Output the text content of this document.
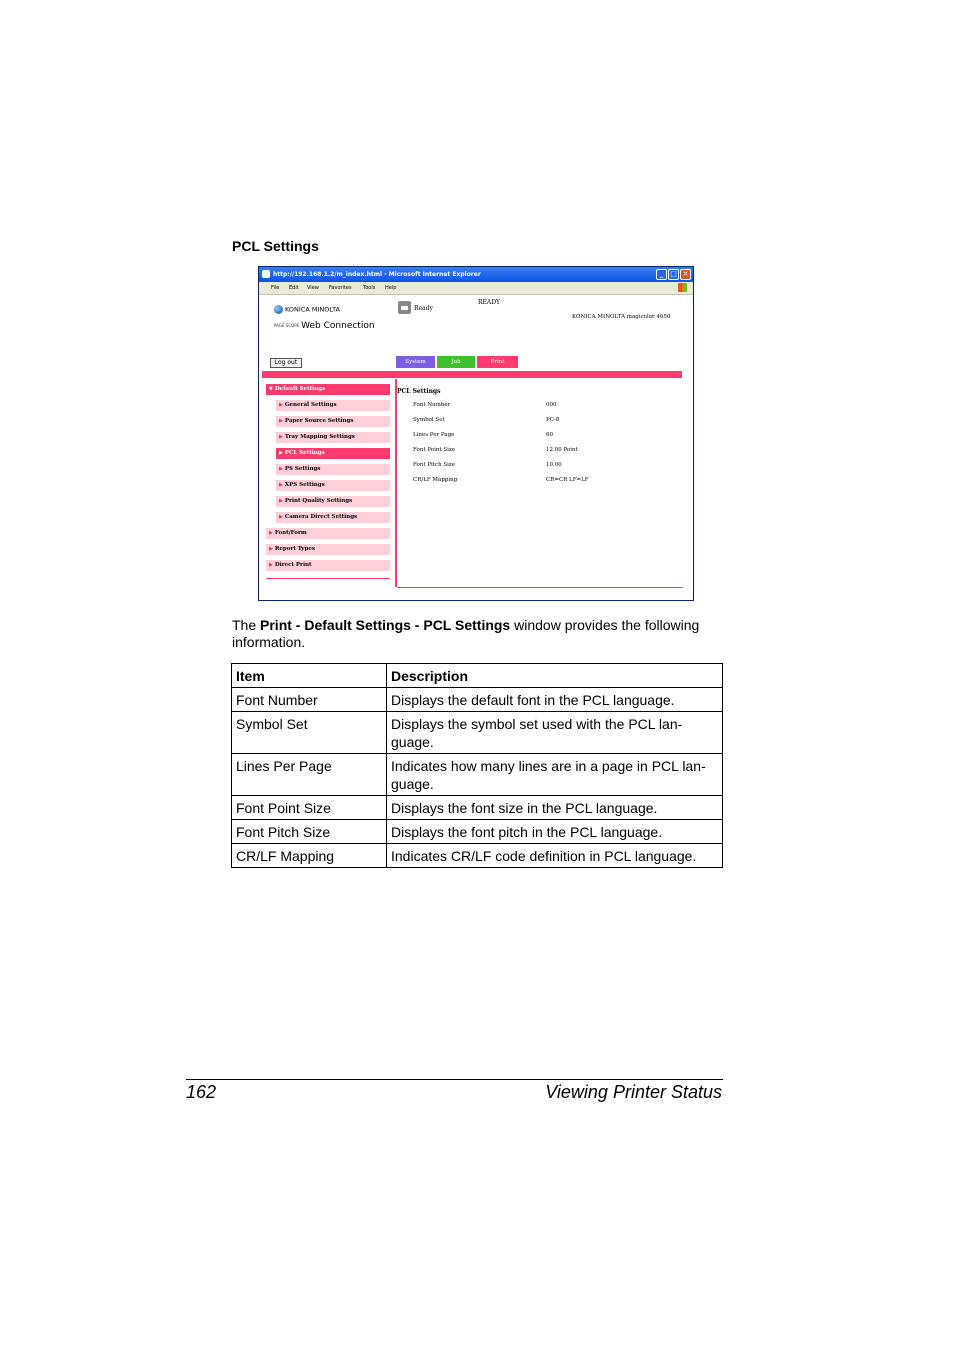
PCL Settings
http://192.168.1.2/m_index.html - Microsoft Internet Explorer	_ □ ✕
File Edit View Favorites Tools Help
KONICA MINOLTA
PAGE SCOPE Web Connection
Ready
READY
KONICA MINOLTA magicolor 4650
Log out	System	Job	Print
▼ Default Settings
▶ General Settings
▶ Paper Source Settings
▶ Tray Mapping Settings
▶ PCL Settings
▶ PS Settings
▶ XPS Settings
▶ Print Quality Settings
▶ Camera Direct Settings
▶ Font/Form
▶ Report Types
▶ Direct Print
PCL Settings
Font Number	000
Symbol Set	PC-8
Lines Per Page	60
Font Point Size	12.00 Point
Font Pitch Size	10.00
CR/LF Mapping	CR=CR LF=LF
The Print - Default Settings - PCL Settings window provides the following information.
Item	Description
Font Number	Displays the default font in the PCL language.
Symbol Set	Displays the symbol set used with the PCL lan-guage.
Lines Per Page	Indicates how many lines are in a page in PCL lan-guage.
Font Point Size	Displays the font size in the PCL language.
Font Pitch Size	Displays the font pitch in the PCL language.
CR/LF Mapping	Indicates CR/LF code definition in PCL language.
162	Viewing Printer Status
